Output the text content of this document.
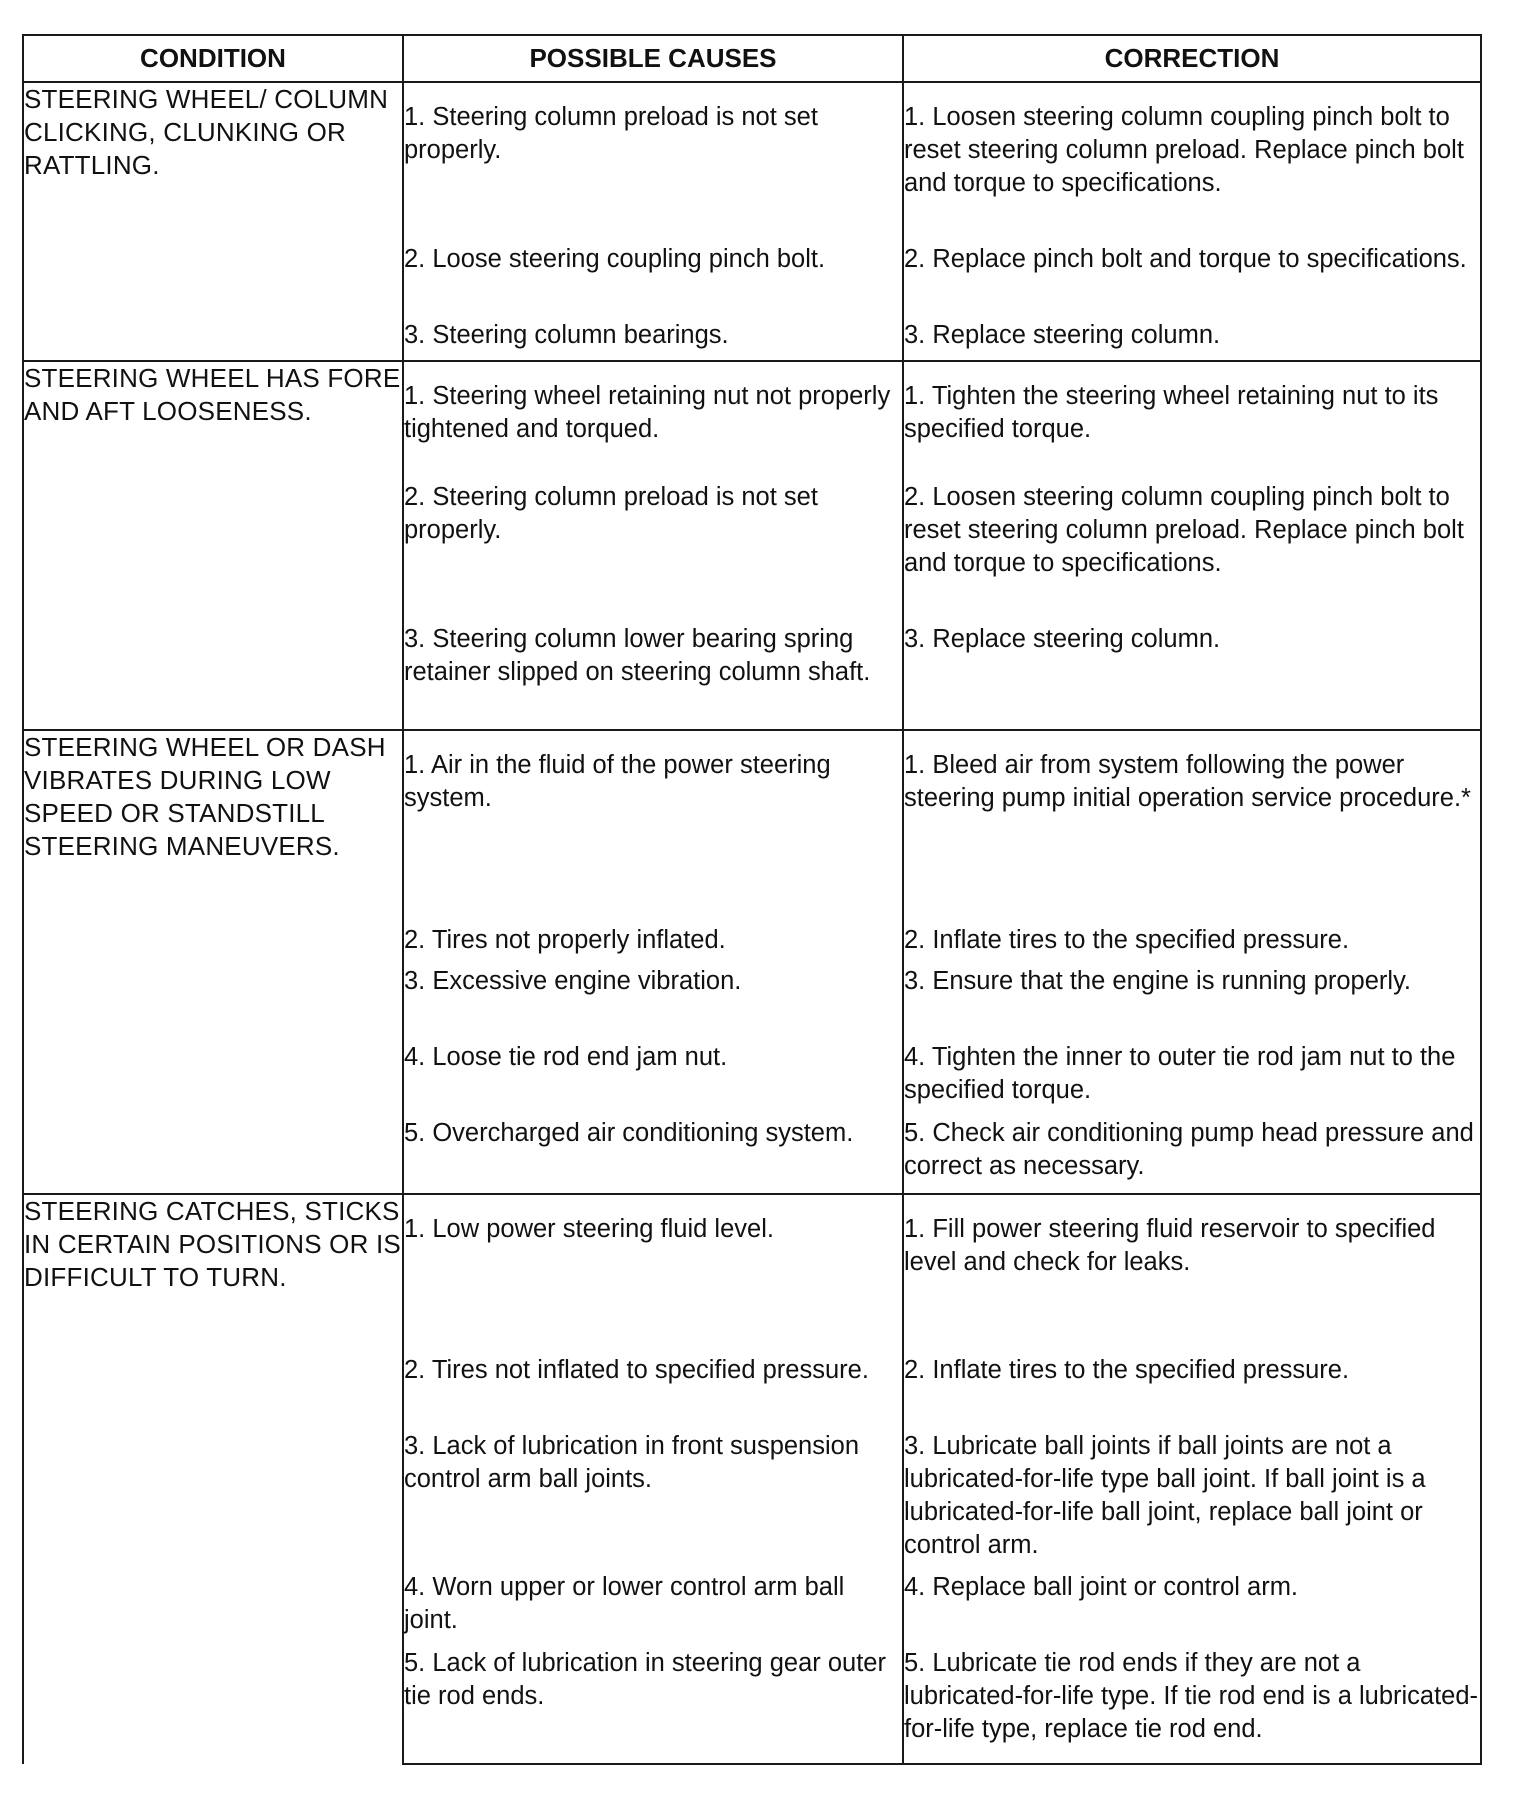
CONDITION	POSSIBLE CAUSES	CORRECTION
STEERING WHEEL/ COLUMN CLICKING, CLUNKING OR RATTLING.	1. Steering column preload is not set properly.	1. Loosen steering column coupling pinch bolt to reset steering column preload. Replace pinch bolt and torque to specifications.

	2. Loose steering coupling pinch bolt.	2. Replace pinch bolt and torque to specifications.

	3. Steering column bearings.	3. Replace steering column.

STEERING WHEEL HAS FORE AND AFT LOOSENESS.	1. Steering wheel retaining nut not properly tightened and torqued.	1. Tighten the steering wheel retaining nut to its specified torque.

	2. Steering column preload is not set properly.	2. Loosen steering column coupling pinch bolt to reset steering column preload. Replace pinch bolt and torque to specifications.

	3. Steering column lower bearing spring retainer slipped on steering column shaft.	3. Replace steering column.

STEERING WHEEL OR DASH VIBRATES DURING LOW SPEED OR STANDSTILL STEERING MANEUVERS.	1. Air in the fluid of the power steering system.	1. Bleed air from system following the power steering pump initial operation service procedure.*

	2. Tires not properly inflated.	2. Inflate tires to the specified pressure.

	3. Excessive engine vibration.	3. Ensure that the engine is running properly.

	4. Loose tie rod end jam nut.	4. Tighten the inner to outer tie rod jam nut to the specified torque.

	5. Overcharged air conditioning system.	5. Check air conditioning pump head pressure and correct as necessary.

STEERING CATCHES, STICKS IN CERTAIN POSITIONS OR IS DIFFICULT TO TURN.	1. Low power steering fluid level.	1. Fill power steering fluid reservoir to specified level and check for leaks.

	2. Tires not inflated to specified pressure.	2. Inflate tires to the specified pressure.

	3. Lack of lubrication in front suspension control arm ball joints.	3. Lubricate ball joints if ball joints are not a lubricated-for-life type ball joint. If ball joint is a lubricated-for-life ball joint, replace ball joint or control arm.

	4. Worn upper or lower control arm ball joint.	4. Replace ball joint or control arm.

	5. Lack of lubrication in steering gear outer tie rod ends.	5. Lubricate tie rod ends if they are not a lubricated-for-life type. If tie rod end is a lubricated-for-life type, replace tie rod end.
